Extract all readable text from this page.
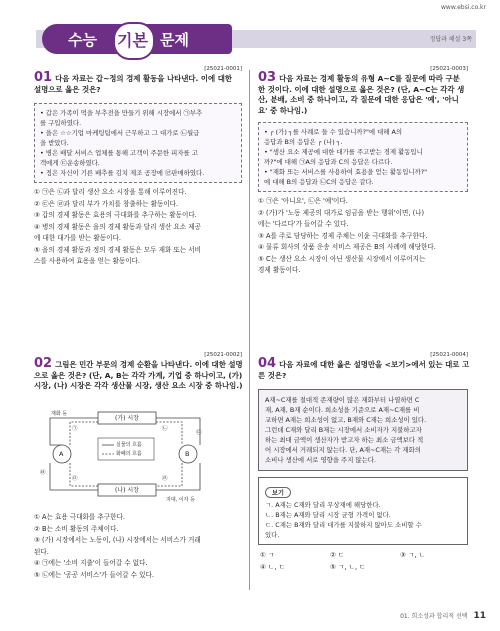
www.ebsi.co.kr
수능 기본 문제	정답과 해설 3쪽
[25021-0001]
01 다음 자료는 갑∼정의 경제 활동을 나타낸다. 이에 대한
설명으로 옳은 것은?
• 갑은 가족이 먹을 부추전을 만들기 위해 시장에서 ㉠부추
를 구입하였다.
• 을은 ☆☆기업 마케팅팀에서 근무하고 그 대가로 ㉡월급
을 받았다.
• 병은 배달 서비스 업체를 통해 고객이 주문한 피자를 고
객에게 ㉢운송하였다.
• 정은 자신이 기른 배추를 김치 제조 공장에 ㉣판매하였다.
① ㉠은 ㉡과 달리 생산 요소 시장을 통해 이루어진다.
② ㉢은 ㉣과 달리 부가 가치를 창출하는 활동이다.
③ 갑의 경제 활동은 효용의 극대화를 추구하는 활동이다.
④ 병의 경제 활동은 을의 경제 활동과 달리 생산 요소 제공
에 대한 대가를 받는 활동이다.
⑤ 을의 경제 활동과 정의 경제 활동은 모두 재화 또는 서비
스를 사용하여 효용을 얻는 활동이다.
[25021-0002]
02 그림은 민간 부문의 경제 순환을 나타낸다. 이에 대한 설명
으로 옳은 것은? (단, A, B는 각각 가계, 기업 중 하나이고, (가)
시장, (나) 시장은 각각 생산물 시장, 생산 요소 시장 중 하나임.)
(가) 시장
(나) 시장
A	B
실물의 흐름
화폐의 흐름
재화 등
지대, 이자 등
㉠	㉡
㉢
㉣
㉤
㉥
① A는 효용 극대화를 추구한다.
② B는 소비 활동의 주체이다.
③ (가) 시장에서는 노동이, (나) 시장에서는 서비스가 거래
된다.
④ ㉠에는 '소비 지출'이 들어갈 수 없다.
⑤ ㉡에는 '공공 서비스'가 들어갈 수 있다.
[25021-0003]
03 다음 자료는 경제 활동의 유형 A∼C를 질문에 따라 구분
한 것이다. 이에 대한 설명으로 옳은 것은? (단, A∼C는 각각 생
산, 분배, 소비 중 하나이고, 각 질문에 대한 응답은 '예', '아니
요' 중 하나임.)
• ┌ (가) ┐를 사례로 들 수 있습니까?"에 대해 A의
응답과 B의 응답은 ┌ (나) ┐.
• "생산 요소 제공에 대한 대가를 주고받는 경제 활동입니
까?"에 대해 ㉠A의 응답과 C의 응답은 다르다.
• "재화 또는 서비스를 사용하여 효용을 얻는 활동입니까?"
에 대해 B의 응답과 ㉡C의 응답은 같다.
① ㉠은 '아니요', ㉡은 '예'이다.
② (가)가 '노동 제공의 대가로 임금을 받는 행위'이면, (나)
에는 '다르다'가 들어갈 수 있다.
③ A를 주로 담당하는 경제 주체는 이윤 극대화를 추구한다.
④ 물류 회사의 상품 운송 서비스 제공은 B의 사례에 해당한다.
⑤ C는 생산 요소 시장이 아닌 생산물 시장에서 이루어지는
경제 활동이다.
[25021-0004]
04 다음 자료에 대한 옳은 설명만을 <보기>에서 있는 대로 고
른 것은?
A재∼C재를 절대적 존재량이 많은 재화부터 나열하면 C
재, A재, B재 순이다. 희소성을 기준으로 A재∼C재를 비
교하면 A재는 희소성이 없고, B재와 C재는 희소성이 있다.
그런데 C재와 달리 B재는 시장에서 소비자가 지불하고자
하는 최대 금액이 생산자가 받고자 하는 최소 금액보다 적
어 시장에서 거래되지 않는다. 단, A재∼C재는 각 재화의
소비나 생산에 서로 영향을 주지 않는다.
보기
ㄱ. A재는 C재와 달리 무상재에 해당한다.
ㄴ. B재는 A재와 달리 시장 균형 가격이 없다.
ㄷ. C재는 B재와 달리 대가를 지불하지 않아도 소비할 수
있다.
① ㄱ	② ㄷ	③ ㄱ, ㄴ
④ ㄴ, ㄷ	⑤ ㄱ, ㄴ, ㄷ
01. 희소성과 합리적 선택 11
